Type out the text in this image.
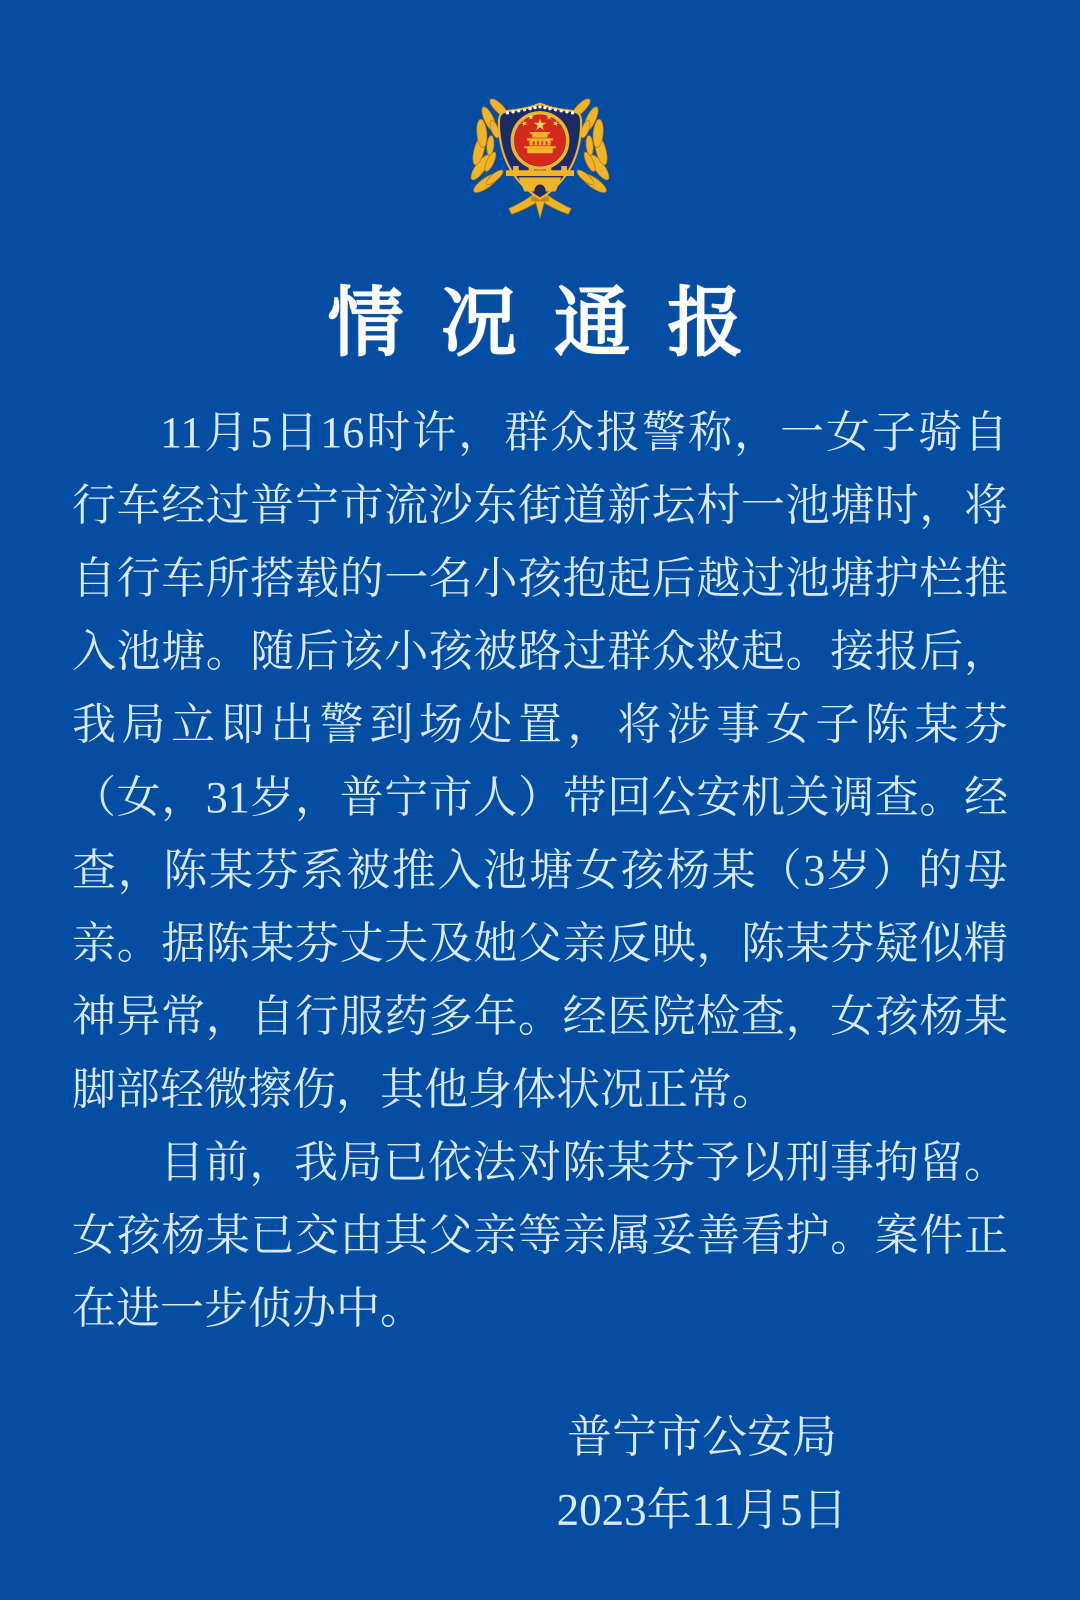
情 况 通 报

11月5日16时许，群众报警称，一女子骑自行车经过普宁市流沙东街道新坛村一池塘时，将自行车所搭载的一名小孩抱起后越过池塘护栏推入池塘。随后该小孩被路过群众救起。接报后，我局立即出警到场处置，将涉事女子陈某芬（女，31岁，普宁市人）带回公安机关调查。经查，陈某芬系被推入池塘女孩杨某（3岁）的母亲。据陈某芬丈夫及她父亲反映，陈某芬疑似精神异常，自行服药多年。经医院检查，女孩杨某脚部轻微擦伤，其他身体状况正常。

目前，我局已依法对陈某芬予以刑事拘留。女孩杨某已交由其父亲等亲属妥善看护。案件正在进一步侦办中。

普宁市公安局
2023年11月5日
